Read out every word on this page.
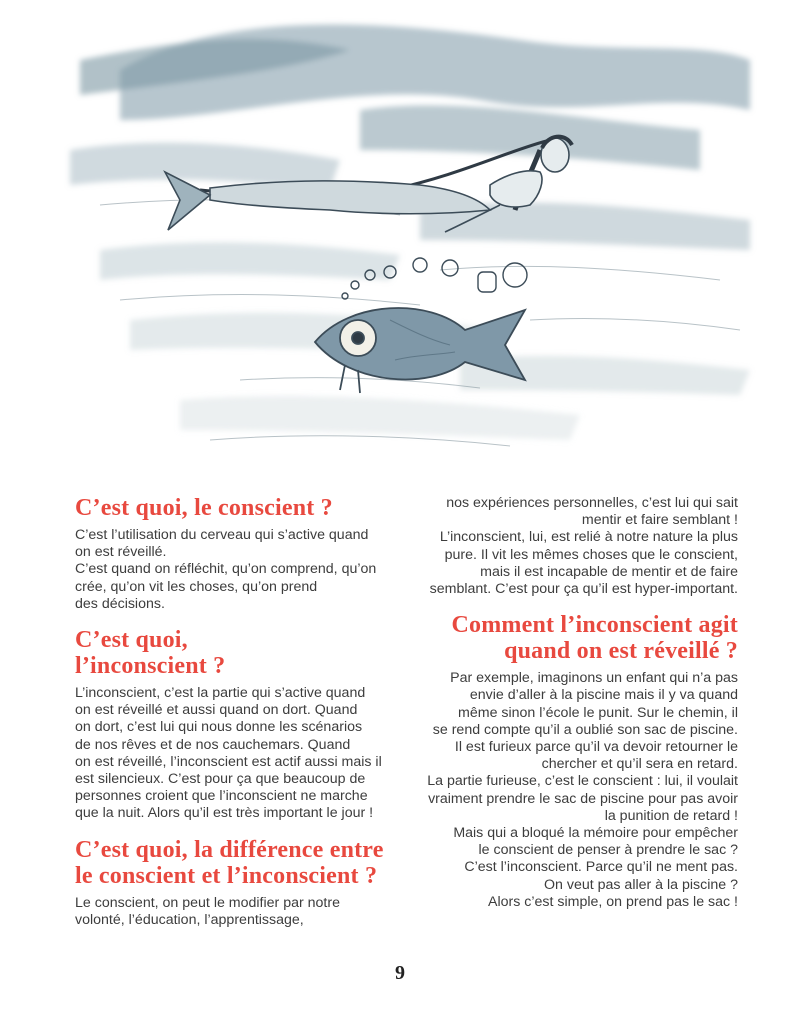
C’est quoi, le conscient ?

C’est l’utilisation du cerveau qui s’active quand
on est réveillé.
C’est quand on réfléchit, qu’on comprend, qu’on
crée, qu’on vit les choses, qu’on prend
des décisions.

C’est quoi,
l’inconscient ?

L’inconscient, c’est la partie qui s’active quand
on est réveillé et aussi quand on dort. Quand
on dort, c’est lui qui nous donne les scénarios
de nos rêves et de nos cauchemars. Quand
on est réveillé, l’inconscient est actif aussi mais il
est silencieux. C’est pour ça que beaucoup de
personnes croient que l’inconscient ne marche
que la nuit. Alors qu’il est très important le jour !

C’est quoi, la différence entre
le conscient et l’inconscient ?

Le conscient, on peut le modifier par notre
volonté, l’éducation, l’apprentissage,

nos expériences personnelles, c’est lui qui sait
mentir et faire semblant !
L’inconscient, lui, est relié à notre nature la plus
pure. Il vit les mêmes choses que le conscient,
mais il est incapable de mentir et de faire
semblant. C’est pour ça qu’il est hyper-important.

Comment l’inconscient agit
quand on est réveillé ?

Par exemple, imaginons un enfant qui n’a pas
envie d’aller à la piscine mais il y va quand
même sinon l’école le punit. Sur le chemin, il
se rend compte qu’il a oublié son sac de piscine.
Il est furieux parce qu’il va devoir retourner le
chercher et qu’il sera en retard.
La partie furieuse, c’est le conscient : lui, il voulait
vraiment prendre le sac de piscine pour pas avoir
la punition de retard !
Mais qui a bloqué la mémoire pour empêcher
le conscient de penser à prendre le sac ?
C’est l’inconscient. Parce qu’il ne ment pas.
On veut pas aller à la piscine ?
Alors c’est simple, on prend pas le sac !

9
